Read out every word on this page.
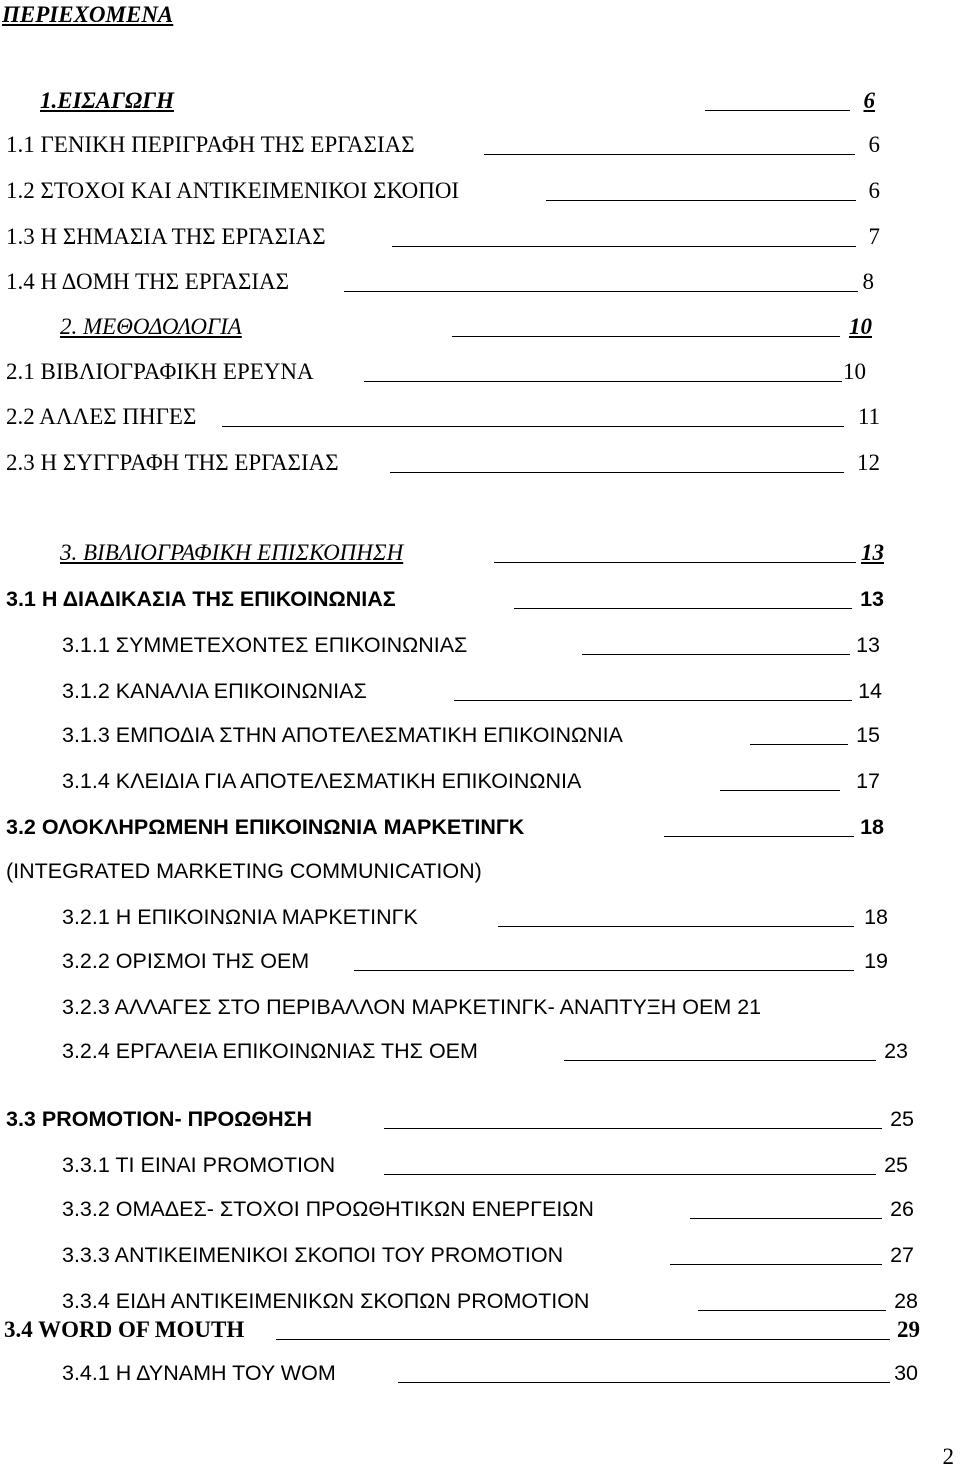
ΠΕΡΙΕΧΟΜΕΝΑ
1.ΕΙΣΑΓΩΓΗ	6
1.1 ΓΕΝΙΚΗ ΠΕΡΙΓΡΑΦΗ ΤΗΣ ΕΡΓΑΣΙΑΣ	6
1.2 ΣΤΟΧΟΙ ΚΑΙ ΑΝΤΙΚΕΙΜΕΝΙΚΟΙ ΣΚΟΠΟΙ	6
1.3 Η ΣΗΜΑΣΙΑ ΤΗΣ ΕΡΓΑΣΙΑΣ	7
1.4 Η ΔΟΜΗ ΤΗΣ ΕΡΓΑΣΙΑΣ	8
2. ΜΕΘΟΔΟΛΟΓΙΑ	10
2.1 ΒΙΒΛΙΟΓΡΑΦΙΚΗ ΕΡΕΥΝΑ	10
2.2 ΑΛΛΕΣ ΠΗΓΕΣ	11
2.3 Η ΣΥΓΓΡΑΦΗ ΤΗΣ ΕΡΓΑΣΙΑΣ	12
3. ΒΙΒΛΙΟΓΡΑΦΙΚΗ ΕΠΙΣΚΟΠΗΣΗ	13
3.1 Η ΔΙΑΔΙΚΑΣΙΑ ΤΗΣ ΕΠΙΚΟΙΝΩΝΙΑΣ	13
3.1.1 ΣΥΜΜΕΤΕΧΟΝΤΕΣ ΕΠΙΚΟΙΝΩΝΙΑΣ	13
3.1.2 ΚΑΝΑΛΙΑ ΕΠΙΚΟΙΝΩΝΙΑΣ	14
3.1.3 ΕΜΠΟΔΙΑ ΣΤΗΝ ΑΠΟΤΕΛΕΣΜΑΤΙΚΗ ΕΠΙΚΟΙΝΩΝΙΑ	15
3.1.4 ΚΛΕΙΔΙΑ ΓΙΑ ΑΠΟΤΕΛΕΣΜΑΤΙΚΗ ΕΠΙΚΟΙΝΩΝΙΑ	17
3.2 ΟΛΟΚΛΗΡΩΜΕΝΗ ΕΠΙΚΟΙΝΩΝΙΑ ΜΑΡΚΕΤΙΝΓΚ	18
(INTEGRATED MARKETING COMMUNICATION)
3.2.1 Η ΕΠΙΚΟΙΝΩΝΙΑ ΜΑΡΚΕΤΙΝΓΚ	18
3.2.2 ΟΡΙΣΜΟΙ ΤΗΣ ΟΕΜ	19
3.2.3 ΑΛΛΑΓΕΣ ΣΤΟ ΠΕΡΙΒΑΛΛΟΝ ΜΑΡΚΕΤΙΝΓΚ- ΑΝΑΠΤΥΞΗ ΟΕΜ 21
3.2.4 ΕΡΓΑΛΕΙΑ ΕΠΙΚΟΙΝΩΝΙΑΣ ΤΗΣ ΟΕΜ	23
3.3 PROMOTION- ΠΡΟΩΘΗΣΗ	25
3.3.1 ΤΙ ΕΙΝΑΙ PROMOTION	25
3.3.2 ΟΜΑΔΕΣ- ΣΤΟΧΟΙ ΠΡΟΩΘΗΤΙΚΩΝ ΕΝΕΡΓΕΙΩΝ	26
3.3.3 ΑΝΤΙΚΕΙΜΕΝΙΚΟΙ ΣΚΟΠΟΙ ΤΟΥ PROMOTION	27
3.3.4 ΕΙΔΗ ΑΝΤΙΚΕΙΜΕΝΙΚΩΝ ΣΚΟΠΩΝ PROMOTION	28
3.4 WORD OF MOUTH	29
3.4.1 Η ΔΥΝΑΜΗ ΤΟΥ WOM	30
2
